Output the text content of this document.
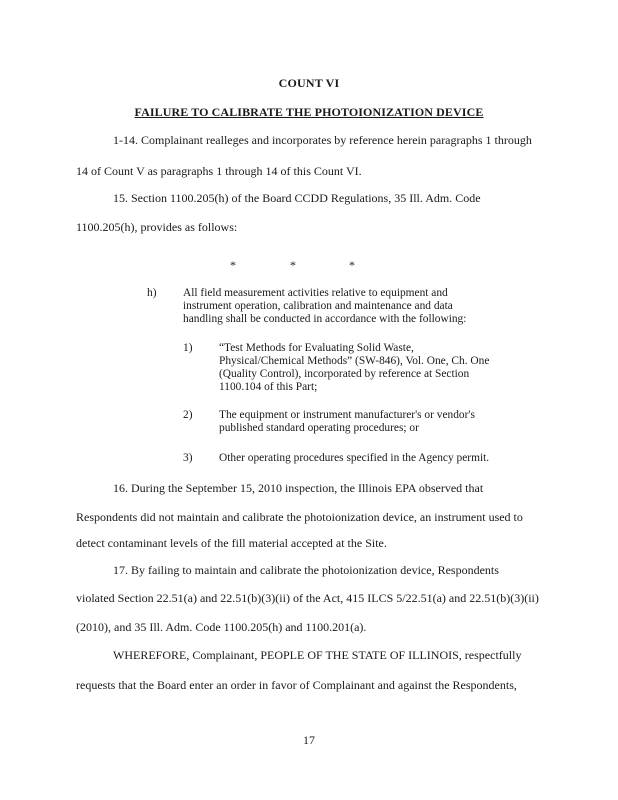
COUNT VI
FAILURE TO CALIBRATE THE PHOTOIONIZATION DEVICE
1-14. Complainant realleges and incorporates by reference herein paragraphs 1 through
14 of Count V as paragraphs 1 through 14 of this Count VI.
15. Section 1100.205(h) of the Board CCDD Regulations, 35 Ill. Adm. Code
1100.205(h), provides as follows:
*	*	*
h) All field measurement activities relative to equipment and
instrument operation, calibration and maintenance and data
handling shall be conducted in accordance with the following:
1) “Test Methods for Evaluating Solid Waste,
Physical/Chemical Methods” (SW-846), Vol. One, Ch. One
(Quality Control), incorporated by reference at Section
1100.104 of this Part;
2) The equipment or instrument manufacturer's or vendor's
published standard operating procedures; or
3) Other operating procedures specified in the Agency permit.
16. During the September 15, 2010 inspection, the Illinois EPA observed that
Respondents did not maintain and calibrate the photoionization device, an instrument used to
detect contaminant levels of the fill material accepted at the Site.
17. By failing to maintain and calibrate the photoionization device, Respondents
violated Section 22.51(a) and 22.51(b)(3)(ii) of the Act, 415 ILCS 5/22.51(a) and 22.51(b)(3)(ii)
(2010), and 35 Ill. Adm. Code 1100.205(h) and 1100.201(a).
WHEREFORE, Complainant, PEOPLE OF THE STATE OF ILLINOIS, respectfully
requests that the Board enter an order in favor of Complainant and against the Respondents,
17
